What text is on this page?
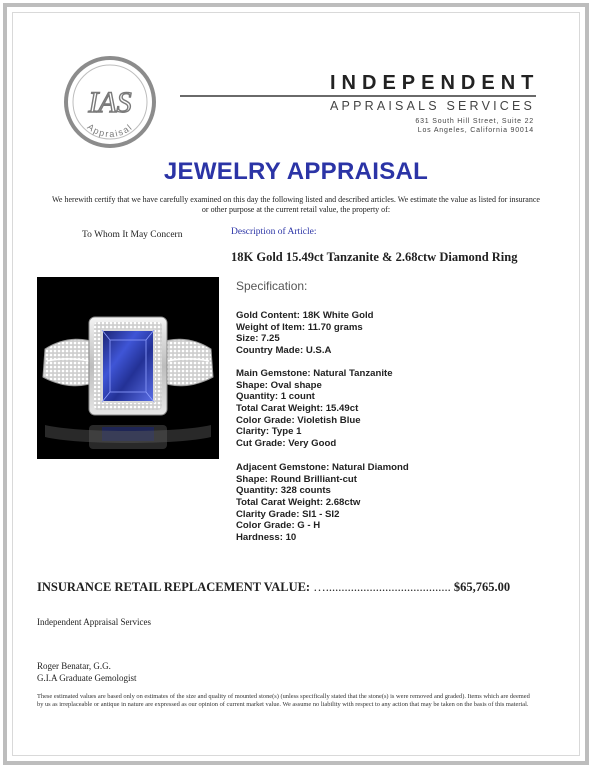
IAS
Appraisal
INDEPENDENT
APPRAISALS SERVICES
631 South Hill Street, Suite 22
Los Angeles, California 90014
JEWELRY APPRAISAL
We herewith certify that we have carefully examined on this day the following listed and described articles. We estimate the value as listed for insurance or other purpose at the current retail value, the property of:
To Whom It May Concern	Description of Article:
18K Gold 15.49ct Tanzanite & 2.68ctw Diamond Ring
Specification:
Gold Content: 18K White Gold
Weight of Item: 11.70 grams
Size: 7.25
Country Made: U.S.A
Main Gemstone: Natural Tanzanite
Shape: Oval shape
Quantity: 1 count
Total Carat Weight: 15.49ct
Color Grade: Violetish Blue
Clarity: Type 1
Cut Grade: Very Good
Adjacent Gemstone: Natural Diamond
Shape: Round Brilliant-cut
Quantity: 328 counts
Total Carat Weight: 2.68ctw
Clarity Grade: SI1 - SI2
Color Grade: G - H
Hardness: 10
INSURANCE RETAIL REPLACEMENT VALUE: …........................................ $65,765.00
Independent Appraisal Services
Roger Benatar, G.G.
G.I.A Graduate Gemologist
These estimated values are based only on estimates of the size and quality of mounted stone(s) (unless specifically stated that the stone(s) is were removed and graded). Items which are deemed by us as irreplaceable or antique in nature are expressed as our opinion of current market value. We assume no liability with respect to any action that may be taken on the basis of this material.
